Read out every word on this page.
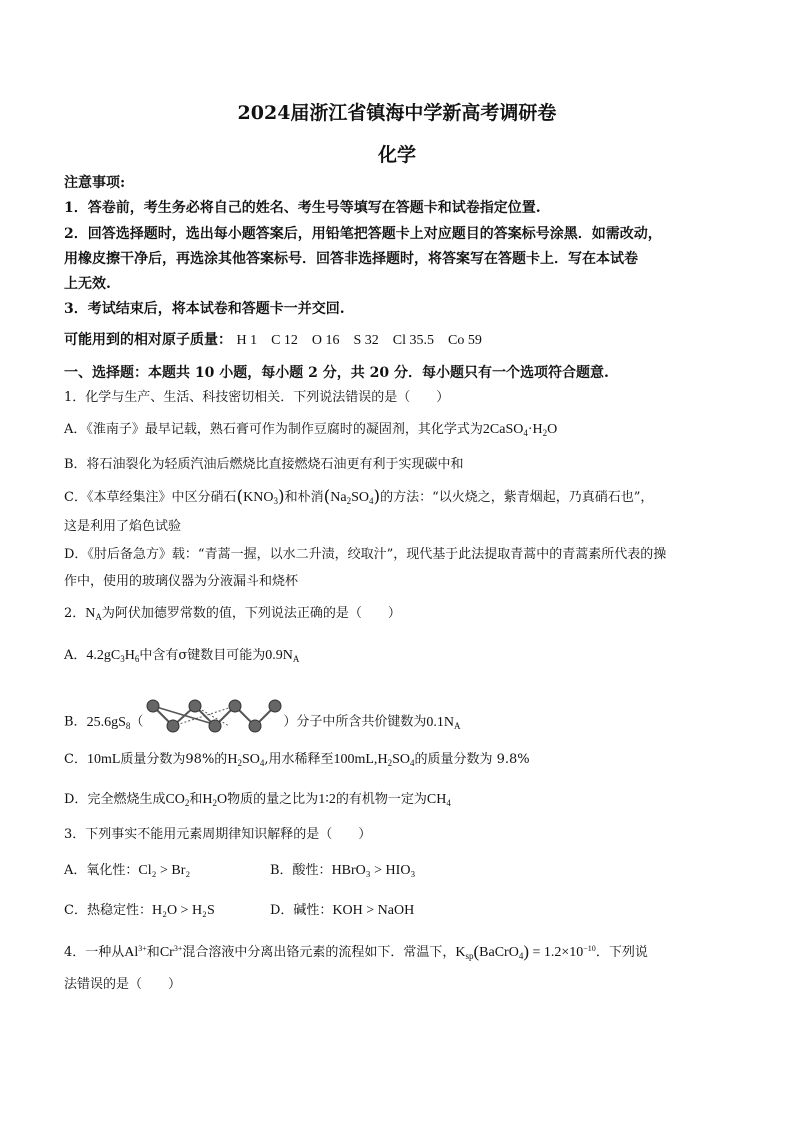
2024届浙江省镇海中学新高考调研卷
化学
注意事项:
1．答卷前，考生务必将自己的姓名、考生号等填写在答题卡和试卷指定位置.
2．回答选择题时，选出每小题答案后，用铅笔把答题卡上对应题目的答案标号涂黑．如需改动，
用橡皮擦干净后，再选涂其他答案标号．回答非选择题时，将答案写在答题卡上．写在本试卷
上无效.
3．考试结束后，将本试卷和答题卡一并交回.
可能用到的相对原子质量： H 1    C 12    O 16    S 32    Cl 35.5    Co 59
一、选择题：本题共 10 小题，每小题 2 分，共 20 分．每小题只有一个选项符合题意.
1．化学与生产、生活、科技密切相关．下列说法错误的是（　　）
A．《淮南子》最早记载，熟石膏可作为制作豆腐时的凝固剂，其化学式为$2CaSO_4\cdot H_2O$
B．将石油裂化为轻质汽油后燃烧比直接燃烧石油更有利于实现碳中和
C．《本草经集注》中区分硝石$(KNO_3)$和朴消$(Na_2SO_4)$的方法：“以火烧之，紫青烟起，乃真硝石也”，
这是利用了焰色试验
D．《肘后备急方》载：“青蒿一握，以水二升渍，绞取汁”，现代基于此法提取青蒿中的青蒿素所代表的操
作中，使用的玻璃仪器为分液漏斗和烧杯
2．$N_A$为阿伏加德罗常数的值，下列说法正确的是（　　）
A．$4.2gC_3H_6$中含有σ键数目可能为$0.9N_A$
B．$25.6gS_8$（	）分子中所含共价键数为$0.1N_A$
C．10mL质量分数为98%的$H_2SO_4$,用水稀释至$100mL,H_2SO_4$的质量分数为 9.8%
D．完全燃烧生成$CO_2$和$H_2O$物质的量之比为1∶2的有机物一定为$CH_4$
3．下列事实不能用元素周期律知识解释的是（　　）
A．氧化性：Cl₂ > Br₂	B．酸性：HBrO₃ > HIO₃
C．热稳定性：H₂O > H₂S	D．碱性：KOH > NaOH
4．一种从$Al^{3+}$和$Cr^{3+}$混合溶液中分离出铬元素的流程如下．常温下，$K_{sp}(BaCrO_4) = 1.2\times 10^{-10}$．下列说
法错误的是（　　）
